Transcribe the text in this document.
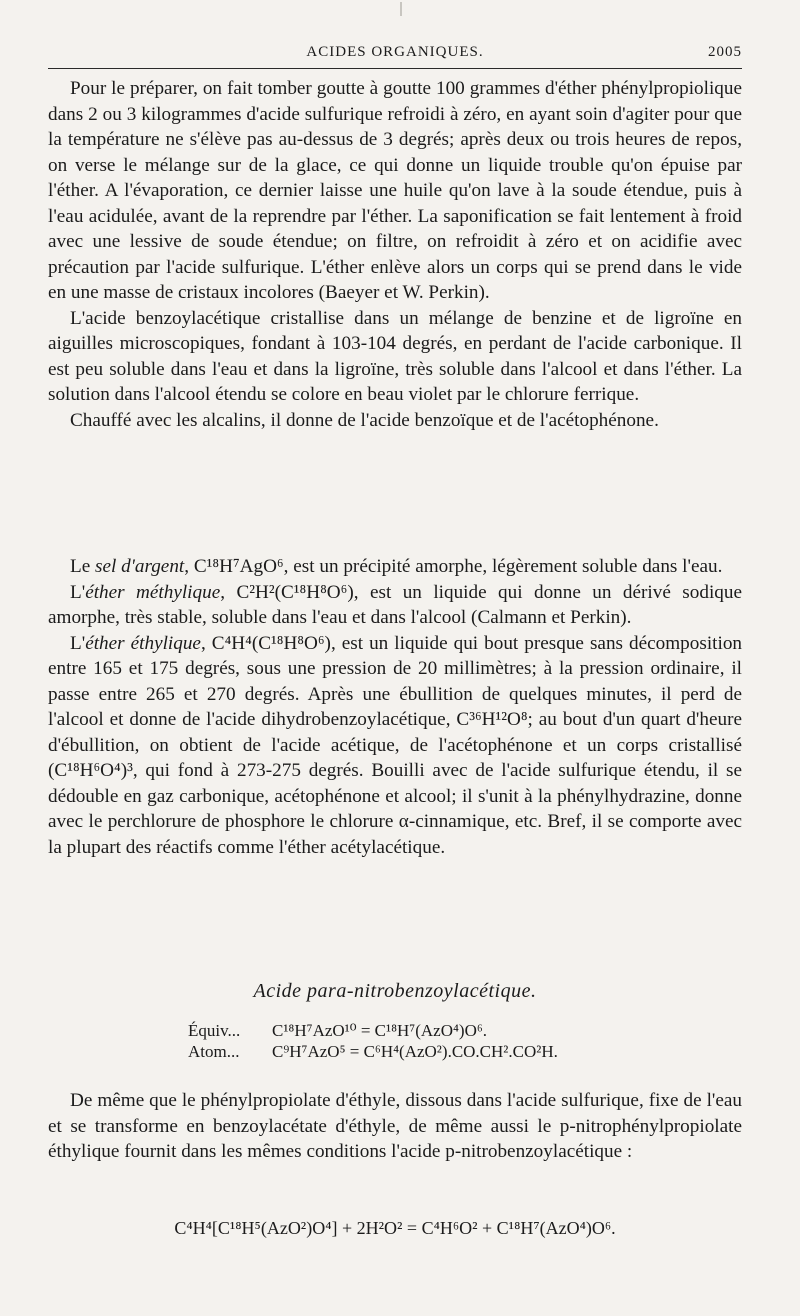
ACIDES ORGANIQUES.	2005

Pour le préparer, on fait tomber goutte à goutte 100 grammes d'éther phénylpropiolique dans 2 ou 3 kilogrammes d'acide sulfurique refroidi à zéro, en ayant soin d'agiter pour que la température ne s'élève pas au-dessus de 3 degrés; après deux ou trois heures de repos, on verse le mélange sur de la glace, ce qui donne un liquide trouble qu'on épuise par l'éther. A l'évaporation, ce dernier laisse une huile qu'on lave à la soude étendue, puis à l'eau acidulée, avant de la reprendre par l'éther. La saponification se fait lentement à froid avec une lessive de soude étendue; on filtre, on refroidit à zéro et on acidifie avec précaution par l'acide sulfurique. L'éther enlève alors un corps qui se prend dans le vide en une masse de cristaux incolores (Baeyer et W. Perkin).

L'acide benzoylacétique cristallise dans un mélange de benzine et de ligroïne en aiguilles microscopiques, fondant à 103-104 degrés, en perdant de l'acide carbonique. Il est peu soluble dans l'eau et dans la ligroïne, très soluble dans l'alcool et dans l'éther. La solution dans l'alcool étendu se colore en beau violet par le chlorure ferrique.

Chauffé avec les alcalins, il donne de l'acide benzoïque et de l'acétophénone.

Le sel d'argent, C¹⁸H⁷AgO⁶, est un précipité amorphe, légèrement soluble dans l'eau.

L'éther méthylique, C²H²(C¹⁸H⁸O⁶), est un liquide qui donne un dérivé sodique amorphe, très stable, soluble dans l'eau et dans l'alcool (Calmann et Perkin).

L'éther éthylique, C⁴H⁴(C¹⁸H⁸O⁶), est un liquide qui bout presque sans décomposition entre 165 et 175 degrés, sous une pression de 20 millimètres; à la pression ordinaire, il passe entre 265 et 270 degrés. Après une ébullition de quelques minutes, il perd de l'alcool et donne de l'acide dihydrobenzoylacétique, C³⁶H¹²O⁸; au bout d'un quart d'heure d'ébullition, on obtient de l'acide acétique, de l'acétophénone et un corps cristallisé (C¹⁸H⁶O⁴)³, qui fond à 273-275 degrés. Bouilli avec de l'acide sulfurique étendu, il se dédouble en gaz carbonique, acétophénone et alcool; il s'unit à la phénylhydrazine, donne avec le perchlorure de phosphore le chlorure α-cinnamique, etc. Bref, il se comporte avec la plupart des réactifs comme l'éther acétylacétique.

Acide para-nitrobenzoylacétique.
Équiv... C¹⁸H⁷AzO¹⁰ = C¹⁸H⁷(AzO⁴)O⁶.
Atom... C⁹H⁷AzO⁵ = C⁶H⁴(AzO²).CO.CH².CO²H.

De même que le phénylpropiolate d'éthyle, dissous dans l'acide sulfurique, fixe de l'eau et se transforme en benzoylacétate d'éthyle, de même aussi le p-nitrophénylpropiolate éthylique fournit dans les mêmes conditions l'acide p-nitrobenzoylacétique :

C⁴H⁴[C¹⁸H⁵(AzO²)O⁴] + 2H²O² = C⁴H⁶O² + C¹⁸H⁷(AzO⁴)O⁶.
